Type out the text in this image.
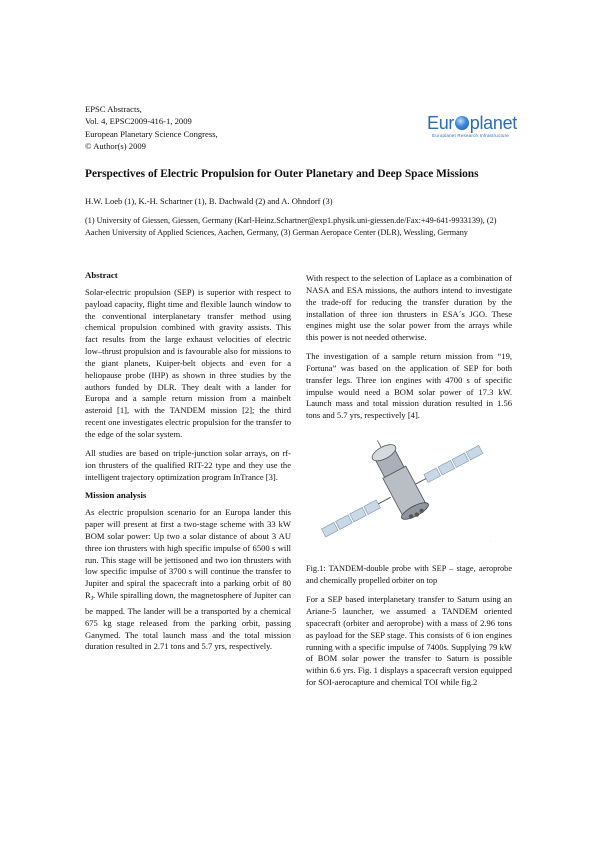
EPSC Abstracts,
Vol. 4, EPSC2009-416-1, 2009
European Planetary Science Congress,
© Author(s) 2009
Eur planet
Europlanet Research Infrastructure
Perspectives of Electric Propulsion for Outer Planetary and Deep Space Missions
H.W. Loeb (1), K.-H. Schartner (1), B. Dachwald (2) and A. Ohndorf (3)
(1) University of Giessen, Giessen, Germany (Karl-Heinz.Schartner@exp1.physik.uni-giessen.de/Fax:+49-641-9933139), (2) Aachen University of Applied Sciences, Aachen, Germany, (3) German Aeropace Center (DLR), Wessling, Germany
Abstract

Solar-electric propulsion (SEP) is superior with respect to payload capacity, flight time and flexible launch window to the conventional interplanetary transfer method using chemical propulsion combined with gravity assists. This fact results from the large exhaust velocities of electric low–thrust propulsion and is favourable also for missions to the giant planets, Kuiper-belt objects and even for a heliopause probe (IHP) as shown in three studies by the authors funded by DLR. They dealt with a lander for Europa and a sample return mission from a mainbelt asteroid [1], with the TANDEM mission [2]; the third recent one investigates electric propulsion for the transfer to the edge of the solar system.

All studies are based on triple-junction solar arrays, on rf-ion thrusters of the qualified RIT-22 type and they use the intelligent trajectory optimization program InTrance [3].

Mission analysis

As electric propulsion scenario for an Europa lander this paper will present at first a two-stage scheme with 33 kW BOM solar power: Up two a solar distance of about 3 AU three ion thrusters with high specific impulse of 6500 s will run. This stage will be jettisoned and two ion thrusters with low specific impulse of 3700 s will continue the transfer to Jupiter and spiral the spacecraft into a parking orbit of 80 $R_J$. While spiralling down, the magnetosphere of Jupiter can be mapped. The lander will be a transported by a chemical 675 kg stage released from the parking orbit, passing Ganymed. The total launch mass and the total mission duration resulted in 2.71 tons and 5.7 yrs, respectively.

With respect to the selection of Laplace as a combination of NASA and ESA missions, the authors intend to investigate the trade-off for reducing the transfer duration by the installation of three ion thrusters in ESA´s JGO. These engines might use the solar power from the arrays while this power is not needed otherwise.

The investigation of a sample return mission from “19, Fortuna” was based on the application of SEP for both transfer legs. Three ion engines with 4700 s of specific impulse would need a BOM solar power of 17.3 kW. Launch mass and total mission duration resulted in 1.56 tons and 5.7 yrs, respectively [4].

.

Fig.1: TANDEM-double probe with SEP – stage, aeroprobe and chemically propelled orbiter on top

For a SEP based interplanetary transfer to Saturn using an Ariane-5 launcher, we assumed a TANDEM oriented spacecraft (orbiter and aeroprobe) with a mass of 2.96 tons as payload for the SEP stage. This consists of 6 ion engines running with a specific impulse of 7400s. Supplying 79 kW of BOM solar power the transfer to Saturn is possible within 6.6 yrs. Fig. 1 displays a spacecraft version equipped for SOI-aerocapture and chemical TOI while fig.2
